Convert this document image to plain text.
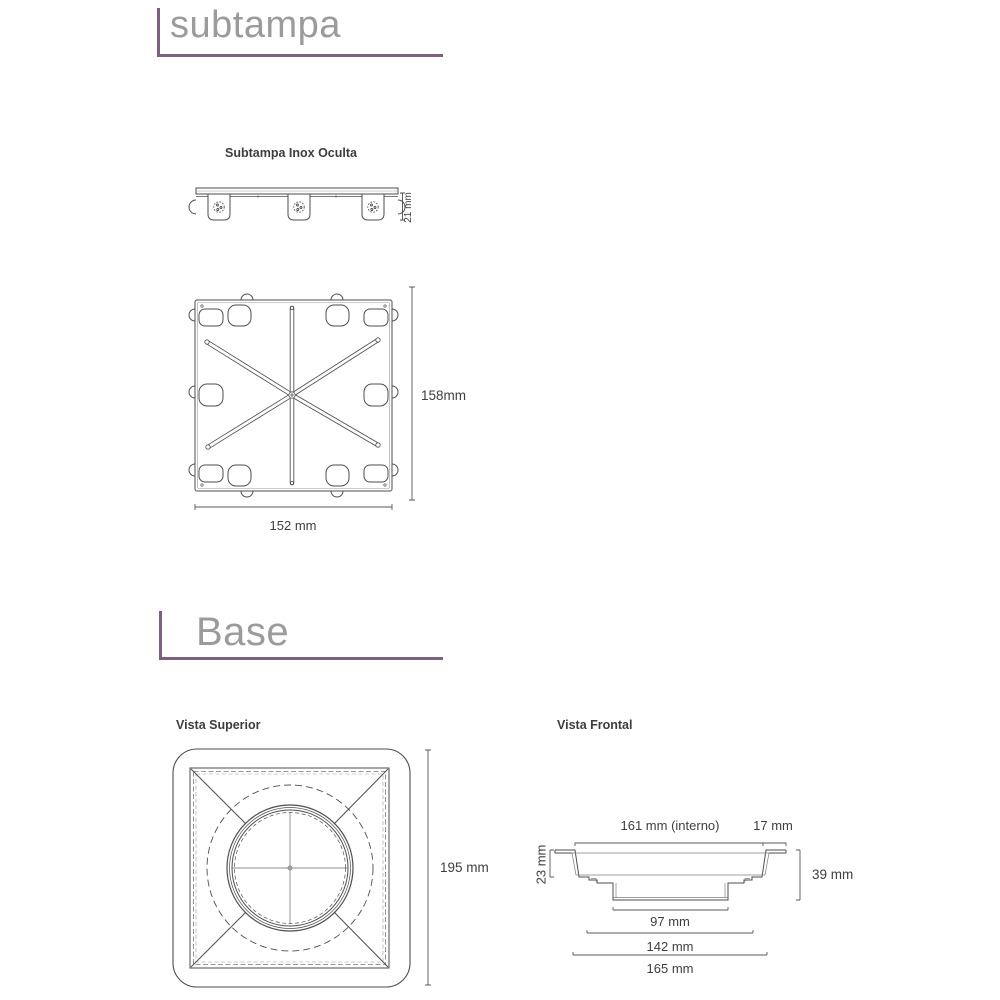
subtampa
Subtampa Inox Oculta
21 mm
158mm
152 mm
Base
Vista Superior	Vista Frontal
195 mm
161 mm (interno)	17 mm
23 mm	39 mm
97 mm
142 mm
165 mm
